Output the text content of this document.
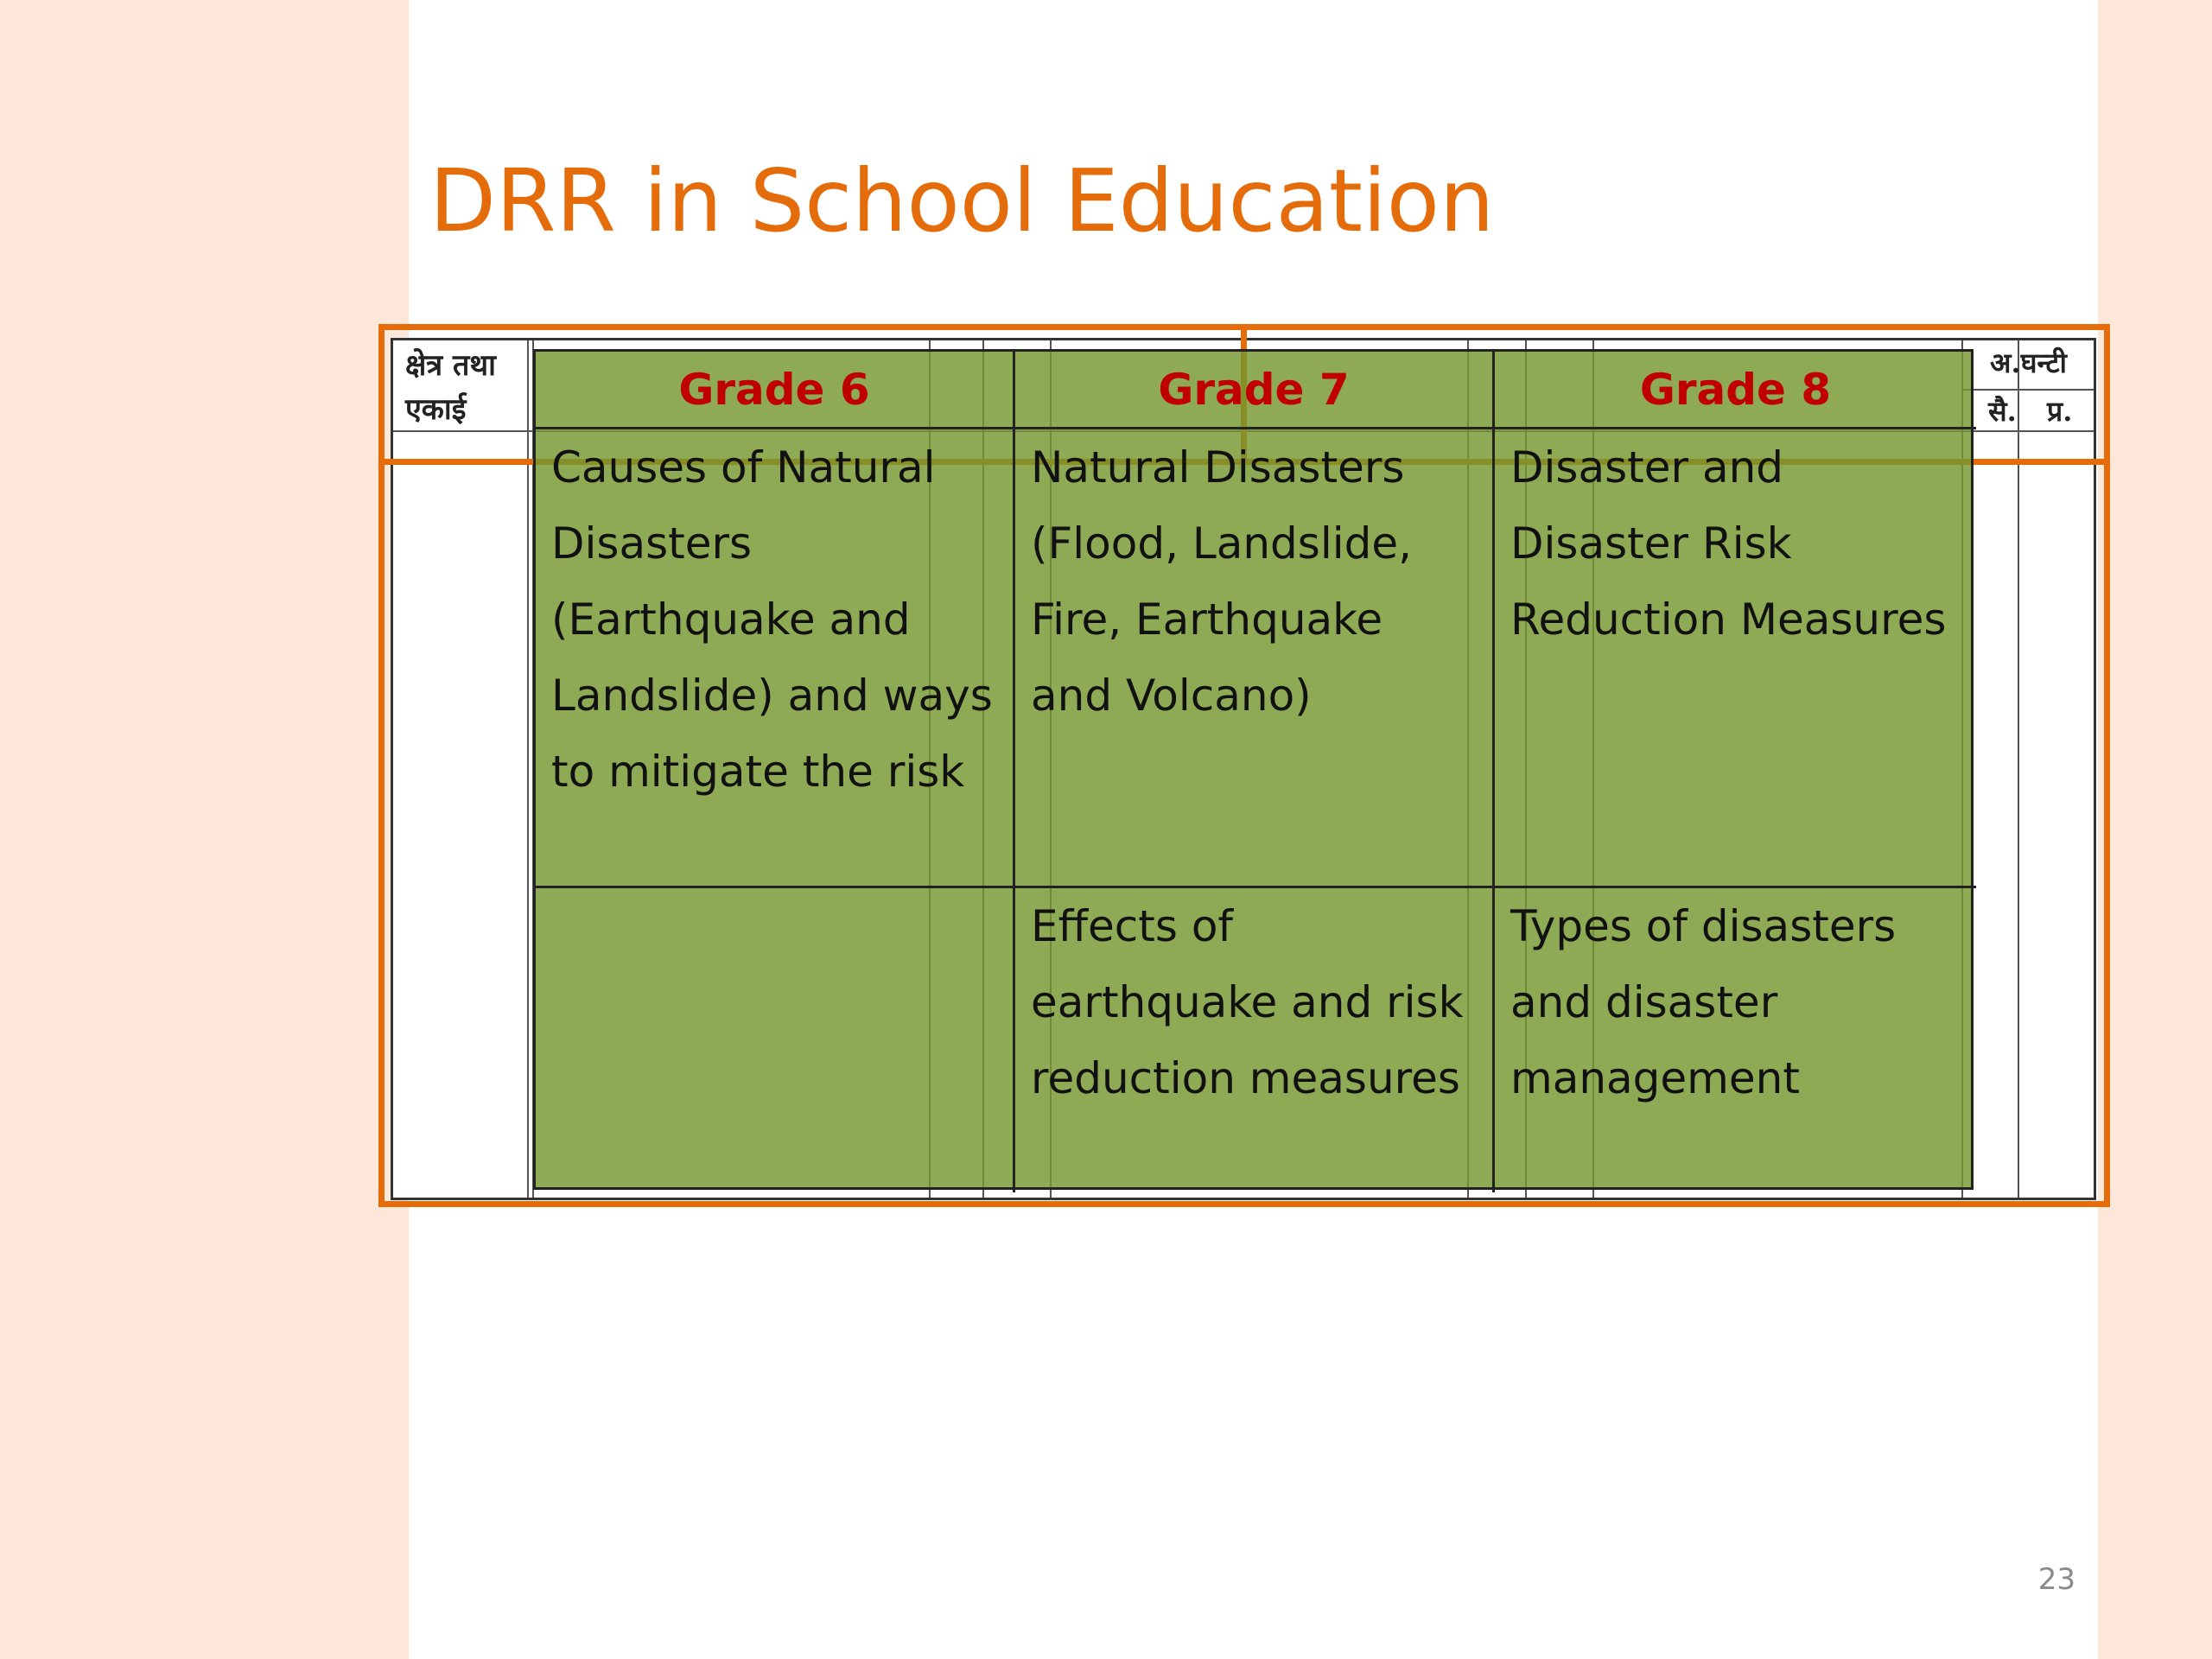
DRR in School Education
क्षेत्र तथा एकाई
अ.घन्टी
सै. प्र.
Grade 6	Grade 7	Grade 8
Causes of Natural Disasters (Earthquake and Landslide) and ways to mitigate the risk
Natural Disasters (Flood, Landslide, Fire, Earthquake and Volcano)
Disaster and Disaster Risk Reduction Measures
Effects of earthquake and risk reduction measures
Types of disasters and disaster management
23
